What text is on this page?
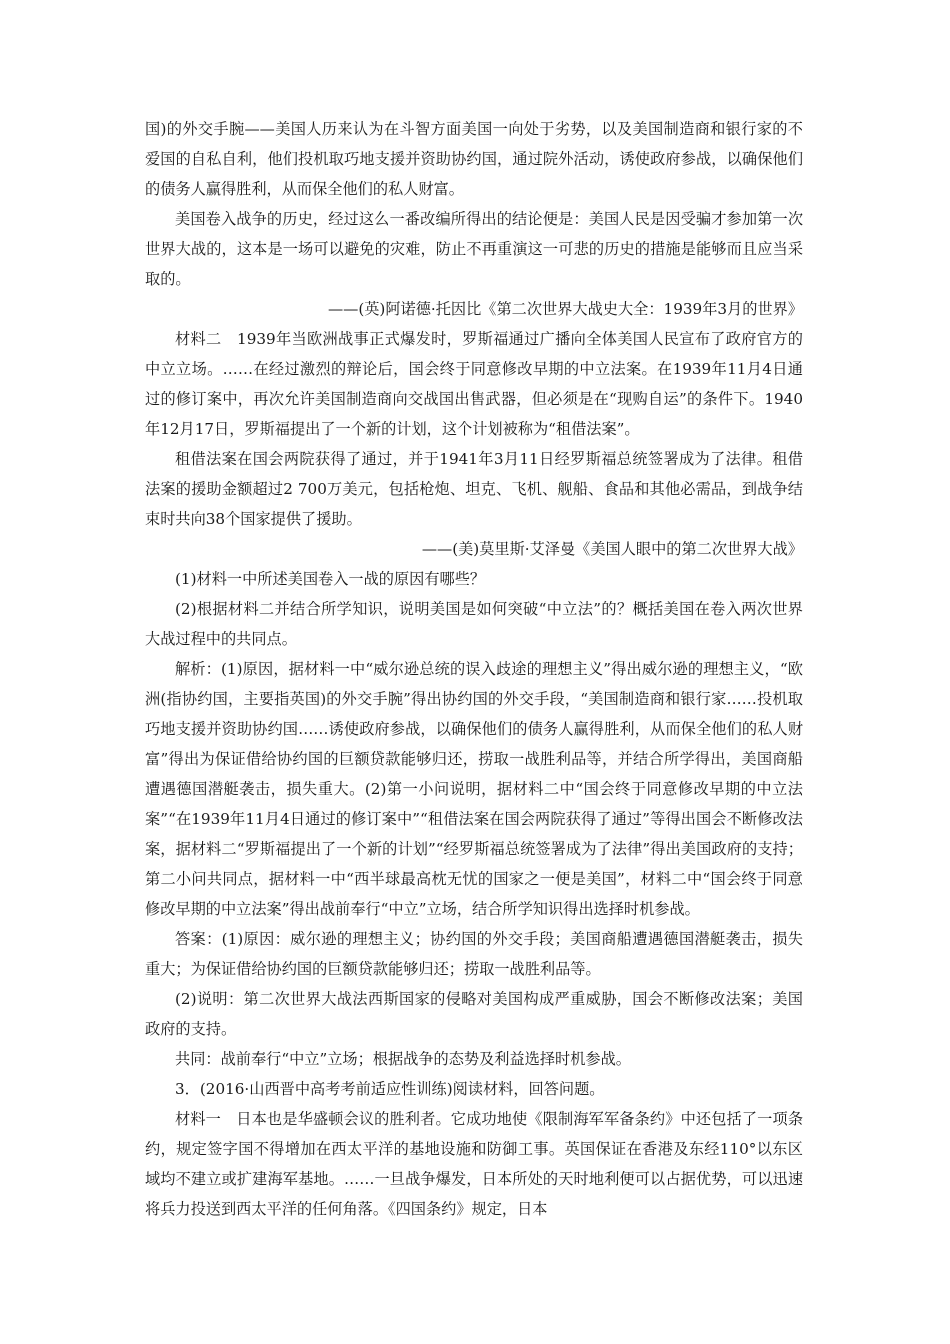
国)的外交手腕——美国人历来认为在斗智方面美国一向处于劣势，以及美国制造商和银行家的不爱国的自私自利，他们投机取巧地支援并资助协约国，通过院外活动，诱使政府参战，以确保他们的债务人赢得胜利，从而保全他们的私人财富。

美国卷入战争的历史，经过这么一番改编所得出的结论便是：美国人民是因受骗才参加第一次世界大战的，这本是一场可以避免的灾难，防止不再重演这一可悲的历史的措施是能够而且应当采取的。

——(英)阿诺德·托因比《第二次世界大战史大全：1939年3月的世界》

材料二　1939年当欧洲战事正式爆发时，罗斯福通过广播向全体美国人民宣布了政府官方的中立立场。……在经过激烈的辩论后，国会终于同意修改早期的中立法案。在1939年11月4日通过的修订案中，再次允许美国制造商向交战国出售武器，但必须是在“现购自运”的条件下。1940年12月17日，罗斯福提出了一个新的计划，这个计划被称为“租借法案”。

租借法案在国会两院获得了通过，并于1941年3月11日经罗斯福总统签署成为了法律。租借法案的援助金额超过2 700万美元，包括枪炮、坦克、飞机、舰船、食品和其他必需品，到战争结束时共向38个国家提供了援助。

——(美)莫里斯·艾泽曼《美国人眼中的第二次世界大战》

(1)材料一中所述美国卷入一战的原因有哪些？

(2)根据材料二并结合所学知识，说明美国是如何突破“中立法”的？概括美国在卷入两次世界大战过程中的共同点。

解析：(1)原因，据材料一中“威尔逊总统的误入歧途的理想主义”得出威尔逊的理想主义，“欧洲(指协约国，主要指英国)的外交手腕”得出协约国的外交手段，“美国制造商和银行家……投机取巧地支援并资助协约国……诱使政府参战，以确保他们的债务人赢得胜利，从而保全他们的私人财富”得出为保证借给协约国的巨额贷款能够归还，捞取一战胜利品等，并结合所学得出，美国商船遭遇德国潜艇袭击，损失重大。(2)第一小问说明，据材料二中“国会终于同意修改早期的中立法案”“在1939年11月4日通过的修订案中”“租借法案在国会两院获得了通过”等得出国会不断修改法案，据材料二“罗斯福提出了一个新的计划”“经罗斯福总统签署成为了法律”得出美国政府的支持；第二小问共同点，据材料一中“西半球最高枕无忧的国家之一便是美国”，材料二中“国会终于同意修改早期的中立法案”得出战前奉行“中立”立场，结合所学知识得出选择时机参战。

答案：(1)原因：威尔逊的理想主义；协约国的外交手段；美国商船遭遇德国潜艇袭击，损失重大；为保证借给协约国的巨额贷款能够归还；捞取一战胜利品等。

(2)说明：第二次世界大战法西斯国家的侵略对美国构成严重威胁，国会不断修改法案；美国政府的支持。

共同：战前奉行“中立”立场；根据战争的态势及利益选择时机参战。

3．(2016·山西晋中高考考前适应性训练)阅读材料，回答问题。

材料一　日本也是华盛顿会议的胜利者。它成功地使《限制海军军备条约》中还包括了一项条约，规定签字国不得增加在西太平洋的基地设施和防御工事。英国保证在香港及东经110°以东区域均不建立或扩建海军基地。……一旦战争爆发，日本所处的天时地利便可以占据优势，可以迅速将兵力投送到西太平洋的任何角落。《四国条约》规定，日本
